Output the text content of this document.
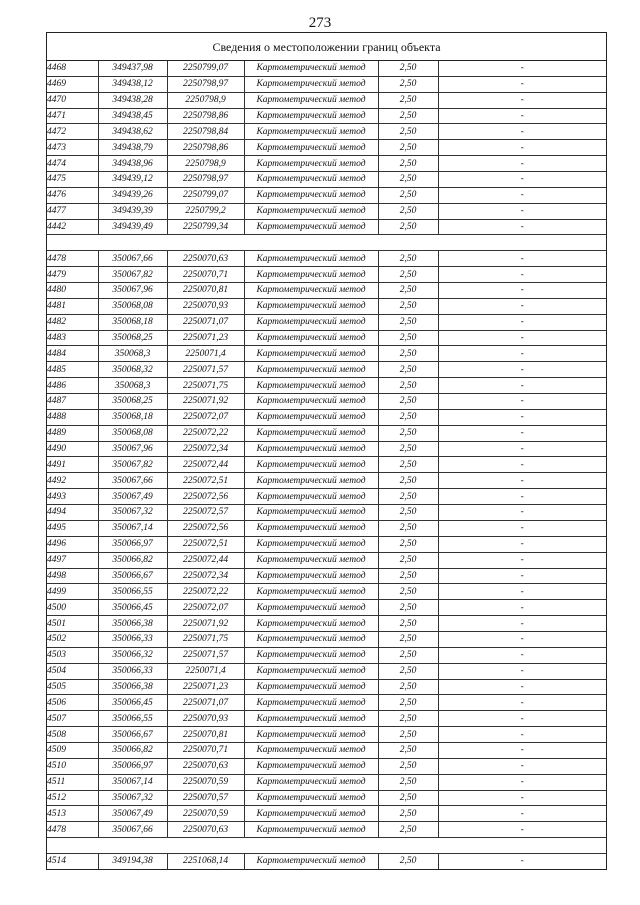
273
Сведения о местоположении границ объекта
4468	349437,98	2250799,07	Картометрический метод	2,50	-
4469	349438,12	2250798,97	Картометрический метод	2,50	-
4470	349438,28	2250798,9	Картометрический метод	2,50	-
4471	349438,45	2250798,86	Картометрический метод	2,50	-
4472	349438,62	2250798,84	Картометрический метод	2,50	-
4473	349438,79	2250798,86	Картометрический метод	2,50	-
4474	349438,96	2250798,9	Картометрический метод	2,50	-
4475	349439,12	2250798,97	Картометрический метод	2,50	-
4476	349439,26	2250799,07	Картометрический метод	2,50	-
4477	349439,39	2250799,2	Картометрический метод	2,50	-
4442	349439,49	2250799,34	Картометрический метод	2,50	-

4478	350067,66	2250070,63	Картометрический метод	2,50	-
4479	350067,82	2250070,71	Картометрический метод	2,50	-
4480	350067,96	2250070,81	Картометрический метод	2,50	-
4481	350068,08	2250070,93	Картометрический метод	2,50	-
4482	350068,18	2250071,07	Картометрический метод	2,50	-
4483	350068,25	2250071,23	Картометрический метод	2,50	-
4484	350068,3	2250071,4	Картометрический метод	2,50	-
4485	350068,32	2250071,57	Картометрический метод	2,50	-
4486	350068,3	2250071,75	Картометрический метод	2,50	-
4487	350068,25	2250071,92	Картометрический метод	2,50	-
4488	350068,18	2250072,07	Картометрический метод	2,50	-
4489	350068,08	2250072,22	Картометрический метод	2,50	-
4490	350067,96	2250072,34	Картометрический метод	2,50	-
4491	350067,82	2250072,44	Картометрический метод	2,50	-
4492	350067,66	2250072,51	Картометрический метод	2,50	-
4493	350067,49	2250072,56	Картометрический метод	2,50	-
4494	350067,32	2250072,57	Картометрический метод	2,50	-
4495	350067,14	2250072,56	Картометрический метод	2,50	-
4496	350066,97	2250072,51	Картометрический метод	2,50	-
4497	350066,82	2250072,44	Картометрический метод	2,50	-
4498	350066,67	2250072,34	Картометрический метод	2,50	-
4499	350066,55	2250072,22	Картометрический метод	2,50	-
4500	350066,45	2250072,07	Картометрический метод	2,50	-
4501	350066,38	2250071,92	Картометрический метод	2,50	-
4502	350066,33	2250071,75	Картометрический метод	2,50	-
4503	350066,32	2250071,57	Картометрический метод	2,50	-
4504	350066,33	2250071,4	Картометрический метод	2,50	-
4505	350066,38	2250071,23	Картометрический метод	2,50	-
4506	350066,45	2250071,07	Картометрический метод	2,50	-
4507	350066,55	2250070,93	Картометрический метод	2,50	-
4508	350066,67	2250070,81	Картометрический метод	2,50	-
4509	350066,82	2250070,71	Картометрический метод	2,50	-
4510	350066,97	2250070,63	Картометрический метод	2,50	-
4511	350067,14	2250070,59	Картометрический метод	2,50	-
4512	350067,32	2250070,57	Картометрический метод	2,50	-
4513	350067,49	2250070,59	Картометрический метод	2,50	-
4478	350067,66	2250070,63	Картометрический метод	2,50	-

4514	349194,38	2251068,14	Картометрический метод	2,50	-
